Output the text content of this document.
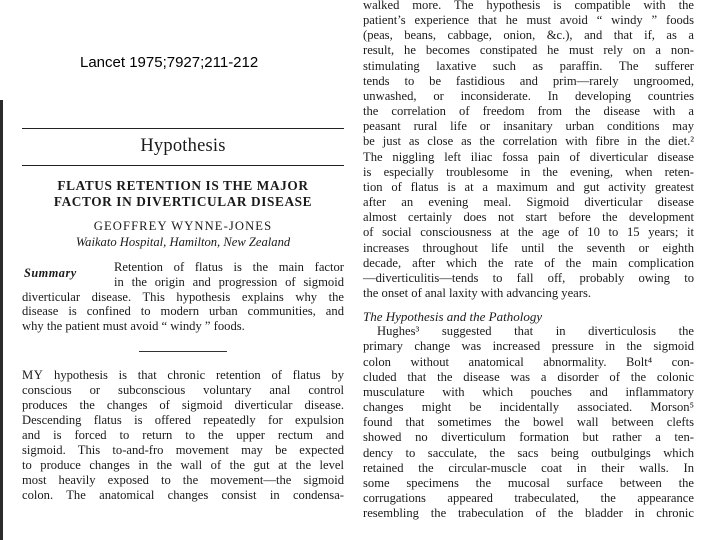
Lancet 1975;7927;211-212
Hypothesis
FLATUS RETENTION IS THE MAJOR
FACTOR IN DIVERTICULAR DISEASE
GEOFFREY WYNNE-JONES
Waikato Hospital, Hamilton, New Zealand
Summary	Retention of flatus is the main factor
in the origin and progression of sigmoid
diverticular disease. This hypothesis explains why the
disease is confined to modern urban communities, and
why the patient must avoid “ windy ” foods.
MY hypothesis is that chronic retention of flatus by
conscious or subconscious voluntary anal control
produces the changes of sigmoid diverticular disease.
Descending flatus is offered repeatedly for expulsion
and is forced to return to the upper rectum and
sigmoid. This to-and-fro movement may be expected
to produce changes in the wall of the gut at the level
most heavily exposed to the movement—the sigmoid
colon. The anatomical changes consist in condensa-
walked more. The hypothesis is compatible with the
patient’s experience that he must avoid “ windy ” foods
(peas, beans, cabbage, onion, &c.), and that if, as a
result, he becomes constipated he must rely on a non-
stimulating laxative such as paraffin. The sufferer
tends to be fastidious and prim—rarely ungroomed,
unwashed, or inconsiderate. In developing countries
the correlation of freedom from the disease with a
peasant rural life or insanitary urban conditions may
be just as close as the correlation with fibre in the diet.²
The niggling left iliac fossa pain of diverticular disease
is especially troublesome in the evening, when reten-
tion of flatus is at a maximum and gut activity greatest
after an evening meal. Sigmoid diverticular disease
almost certainly does not start before the development
of social consciousness at the age of 10 to 15 years; it
increases throughout life until the seventh or eighth
decade, after which the rate of the main complication
—diverticulitis—tends to fall off, probably owing to
the onset of anal laxity with advancing years.
The Hypothesis and the Pathology
Hughes³ suggested that in diverticulosis the
primary change was increased pressure in the sigmoid
colon without anatomical abnormality. Bolt⁴ con-
cluded that the disease was a disorder of the colonic
musculature with which pouches and inflammatory
changes might be incidentally associated. Morson⁵
found that sometimes the bowel wall between clefts
showed no diverticulum formation but rather a ten-
dency to sacculate, the sacs being outbulgings which
retained the circular-muscle coat in their walls. In
some specimens the mucosal surface between the
corrugations appeared trabeculated, the appearance
resembling the trabeculation of the bladder in chronic
